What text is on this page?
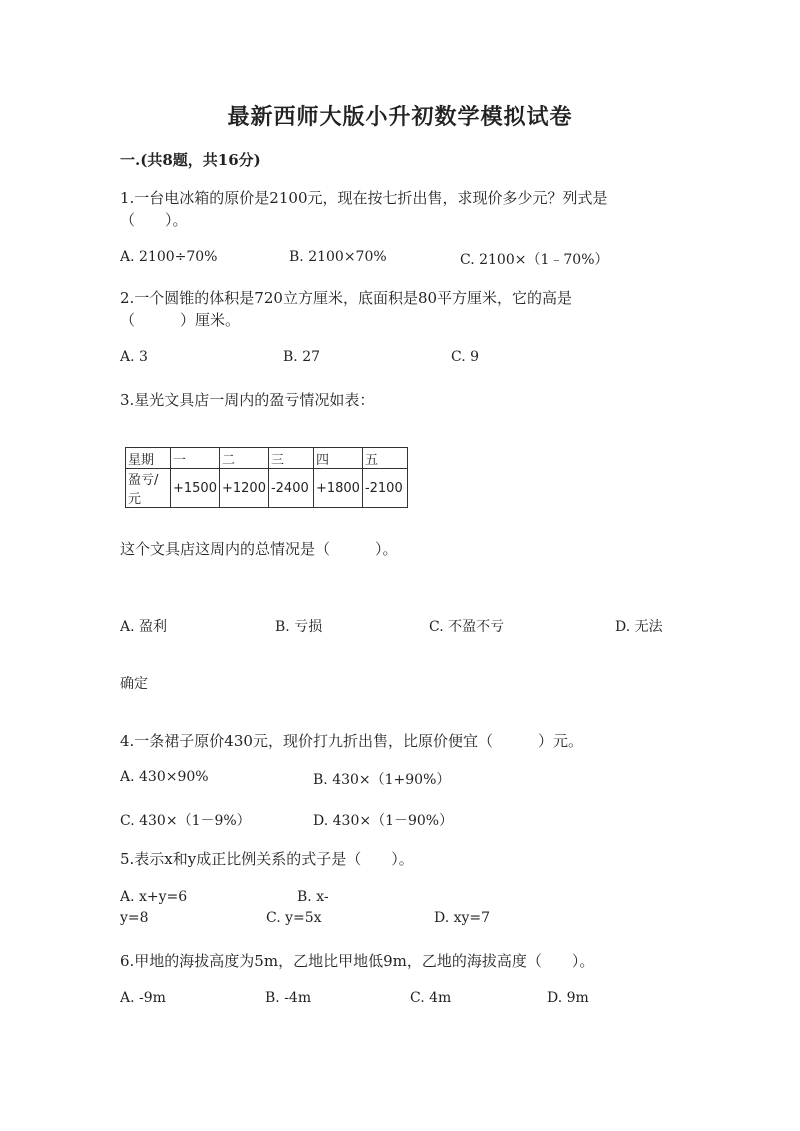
最新西师大版小升初数学模拟试卷
一.(共8题，共16分)
1.一台电冰箱的原价是2100元，现在按七折出售，求现价多少元？列式是
（　　）。
A. 2100÷70%	B. 2100×70%	C. 2100×（1﹣70%）
2.一个圆锥的体积是720立方厘米，底面积是80平方厘米，它的高是
（　　　）厘米。
A. 3	B. 27	C. 9
3.星光文具店一周内的盈亏情况如表：
星期	一	二	三	四	五
盈亏/元	+1500	+1200	-2400	+1800	-2100
这个文具店这周内的总情况是（　　　）。
A. 盈利	B. 亏损	C. 不盈不亏	D. 无法
确定
4.一条裙子原价430元，现价打九折出售，比原价便宜（　　　）元。
A. 430×90%	B. 430×（1+90%）
C. 430×（1－9%）	D. 430×（1－90%）
5.表示x和y成正比例关系的式子是（　　）。
A. x+y=6	B. x-
y=8	C. y=5x	D. xy=7
6.甲地的海拔高度为5m，乙地比甲地低9m，乙地的海拔高度（　　）。
A. -9m	B. -4m	C. 4m	D. 9m
